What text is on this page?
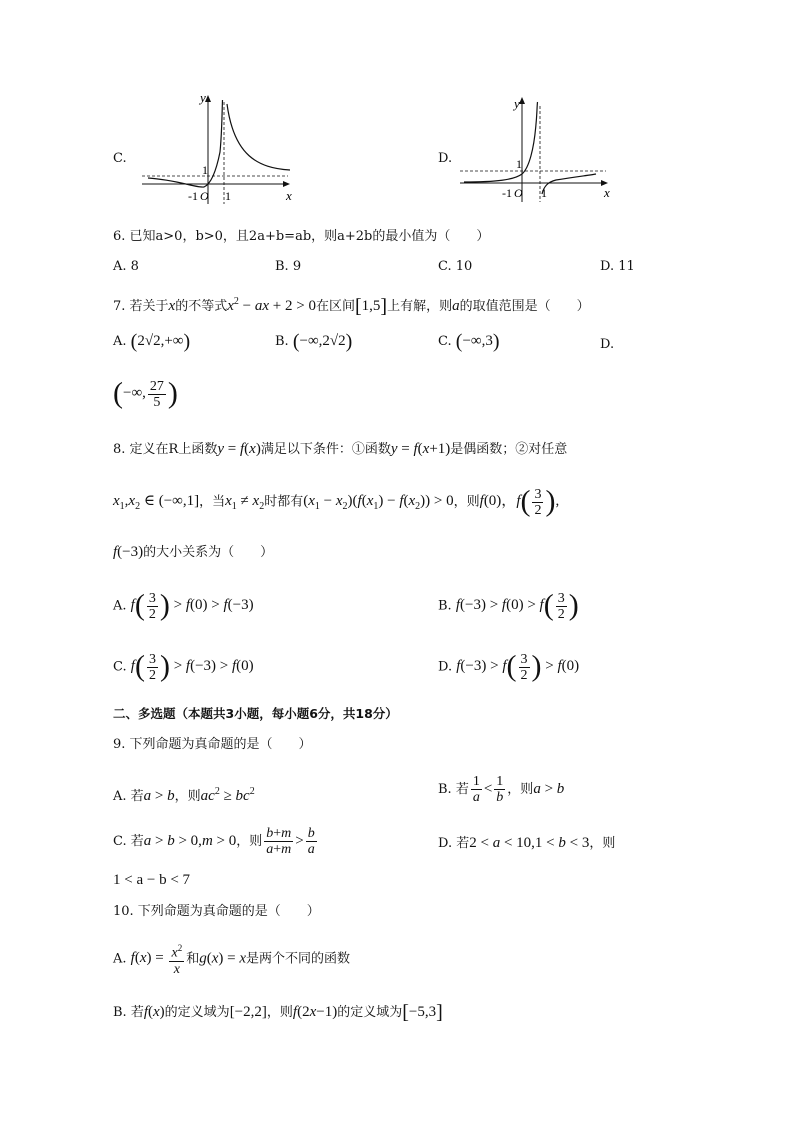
C.
y
x
1
-1 O 1
D.
y
x
1
-1 O 1
6. 已知a>0，b>0，且2a+b=ab，则a+2b的最小值为（　　）
A. 8	B. 9	C. 10	D. 11
7. 若关于x的不等式$x^2$ − ax + 2 > 0在区间[1,5]上有解，则a的取值范围是（　　）
A. (2√2,+∞)	B. (−∞,2√2)	C. (−∞,3)	D.
(−∞, $\frac{27}{5}$ )
8. 定义在R上函数y = f(x)满足以下条件：①函数y = f(x+1)是偶函数；②对任意
$x_1,x_2$ ∈ (−∞,1]，当$x_1 \ne x_2$时都有$(x_1 - x_2)(f(x_1) - f(x_2)) > 0$，则f(0)，$f( \frac{3}{2}$ ),
f(−3)的大小关系为（　　）
A. $f( \frac{3}{2}$ ) > f(0) > f(−3)	B. $f(-3) > f(0) > f( \frac{3}{2}$ )
C. $f( \frac{3}{2}$ ) > f(−3) > f(0)	D. $f(-3) > f( \frac{3}{2}$ ) > f(0)
二、多选题（本题共3小题，每小题6分，共18分）
9. 下列命题为真命题的是（　　）
A. 若a > b，则$ac^2 \ge bc^2$	B. 若 $\frac{1}{a} < \frac{1}{b}$ ，则a > b
C. 若a > b > 0,m > 0，则 $\frac{b+m}{a+m} > \frac{b}{a}$	D. 若2 < a < 10,1 < b < 3，则
1 < a − b < 7
10. 下列命题为真命题的是（　　）
A. $f(x) = \frac{x^2}{x}$ 和g(x) = x是两个不同的函数
B. 若f(x)的定义域为[−2,2]，则f(2x−1)的定义域为[−5,3]
